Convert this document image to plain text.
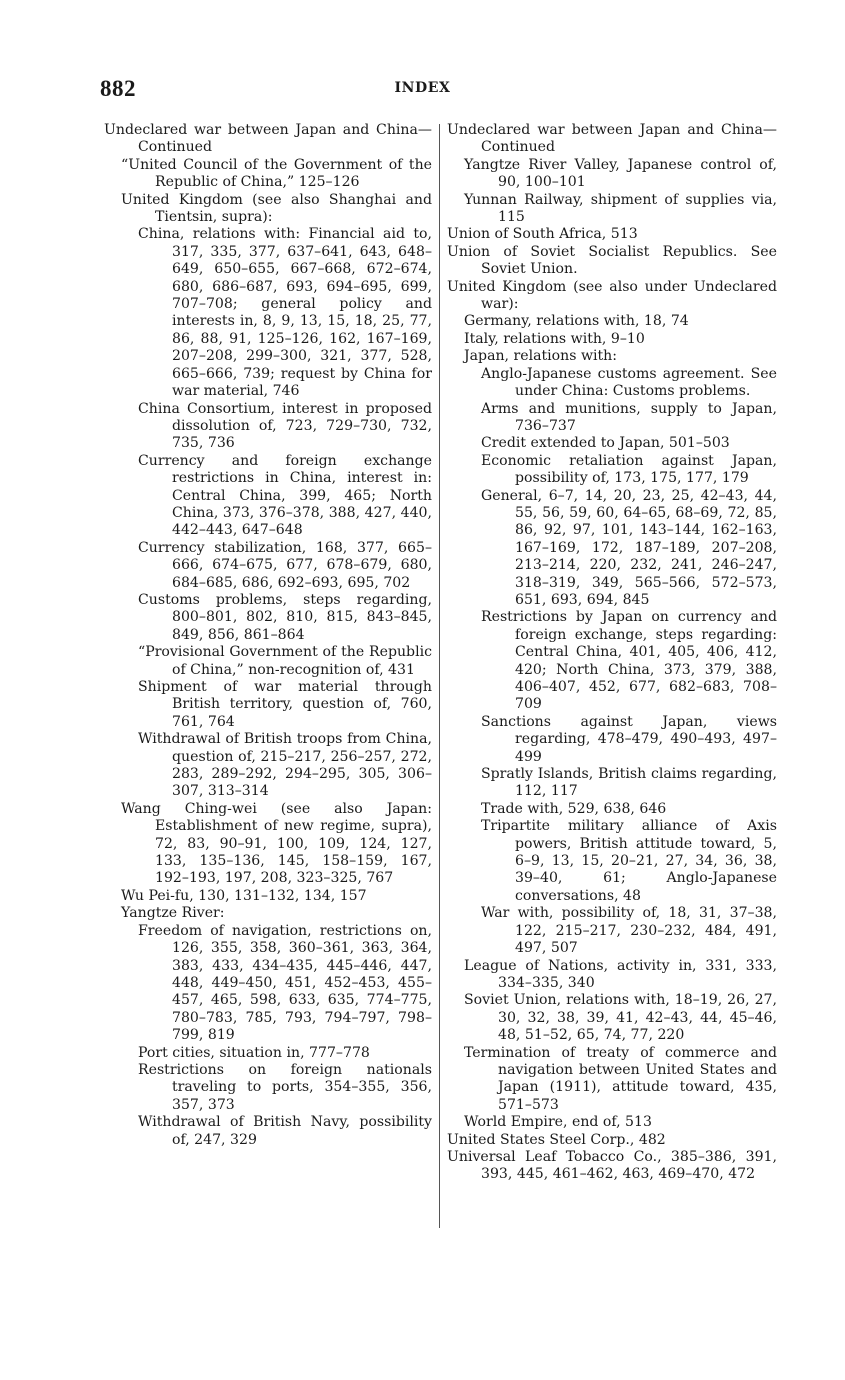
882	INDEX
Undeclared war between Japan and China—Continued
“United Council of the Government of the Republic of China,” 125–126
United Kingdom (see also Shanghai and Tientsin, supra):
China, relations with: Financial aid to, 317, 335, 377, 637–641, 643, 648–649, 650–655, 667–668, 672–674, 680, 686–687, 693, 694–695, 699, 707–708; general policy and interests in, 8, 9, 13, 15, 18, 25, 77, 86, 88, 91, 125–126, 162, 167–169, 207–208, 299–300, 321, 377, 528, 665–666, 739; request by China for war material, 746
China Consortium, interest in proposed dissolution of, 723, 729–730, 732, 735, 736
Currency and foreign exchange restrictions in China, interest in: Central China, 399, 465; North China, 373, 376–378, 388, 427, 440, 442–443, 647–648
Currency stabilization, 168, 377, 665–666, 674–675, 677, 678–679, 680, 684–685, 686, 692–693, 695, 702
Customs problems, steps regarding, 800–801, 802, 810, 815, 843–845, 849, 856, 861–864
“Provisional Government of the Republic of China,” non-recognition of, 431
Shipment of war material through British territory, question of, 760, 761, 764
Withdrawal of British troops from China, question of, 215–217, 256–257, 272, 283, 289–292, 294–295, 305, 306–307, 313–314
Wang Ching-wei (see also Japan: Establishment of new regime, supra), 72, 83, 90–91, 100, 109, 124, 127, 133, 135–136, 145, 158–159, 167, 192–193, 197, 208, 323–325, 767
Wu Pei-fu, 130, 131–132, 134, 157
Yangtze River:
Freedom of navigation, restrictions on, 126, 355, 358, 360–361, 363, 364, 383, 433, 434–435, 445–446, 447, 448, 449–450, 451, 452–453, 455–457, 465, 598, 633, 635, 774–775, 780–783, 785, 793, 794–797, 798–799, 819
Port cities, situation in, 777–778
Restrictions on foreign nationals traveling to ports, 354–355, 356, 357, 373
Withdrawal of British Navy, possibility of, 247, 329
Undeclared war between Japan and China—Continued
Yangtze River Valley, Japanese control of, 90, 100–101
Yunnan Railway, shipment of supplies via, 115
Union of South Africa, 513
Union of Soviet Socialist Republics. See Soviet Union.
United Kingdom (see also under Undeclared war):
Germany, relations with, 18, 74
Italy, relations with, 9–10
Japan, relations with:
Anglo-Japanese customs agreement. See under China: Customs problems.
Arms and munitions, supply to Japan, 736–737
Credit extended to Japan, 501–503
Economic retaliation against Japan, possibility of, 173, 175, 177, 179
General, 6–7, 14, 20, 23, 25, 42–43, 44, 55, 56, 59, 60, 64–65, 68–69, 72, 85, 86, 92, 97, 101, 143–144, 162–163, 167–169, 172, 187–189, 207–208, 213–214, 220, 232, 241, 246–247, 318–319, 349, 565–566, 572–573, 651, 693, 694, 845
Restrictions by Japan on currency and foreign exchange, steps regarding: Central China, 401, 405, 406, 412, 420; North China, 373, 379, 388, 406–407, 452, 677, 682–683, 708–709
Sanctions against Japan, views regarding, 478–479, 490–493, 497–499
Spratly Islands, British claims regarding, 112, 117
Trade with, 529, 638, 646
Tripartite military alliance of Axis powers, British attitude toward, 5, 6–9, 13, 15, 20–21, 27, 34, 36, 38, 39–40, 61; Anglo-Japanese conversations, 48
War with, possibility of, 18, 31, 37–38, 122, 215–217, 230–232, 484, 491, 497, 507
League of Nations, activity in, 331, 333, 334–335, 340
Soviet Union, relations with, 18–19, 26, 27, 30, 32, 38, 39, 41, 42–43, 44, 45–46, 48, 51–52, 65, 74, 77, 220
Termination of treaty of commerce and navigation between United States and Japan (1911), attitude toward, 435, 571–573
World Empire, end of, 513
United States Steel Corp., 482
Universal Leaf Tobacco Co., 385–386, 391, 393, 445, 461–462, 463, 469–470, 472
